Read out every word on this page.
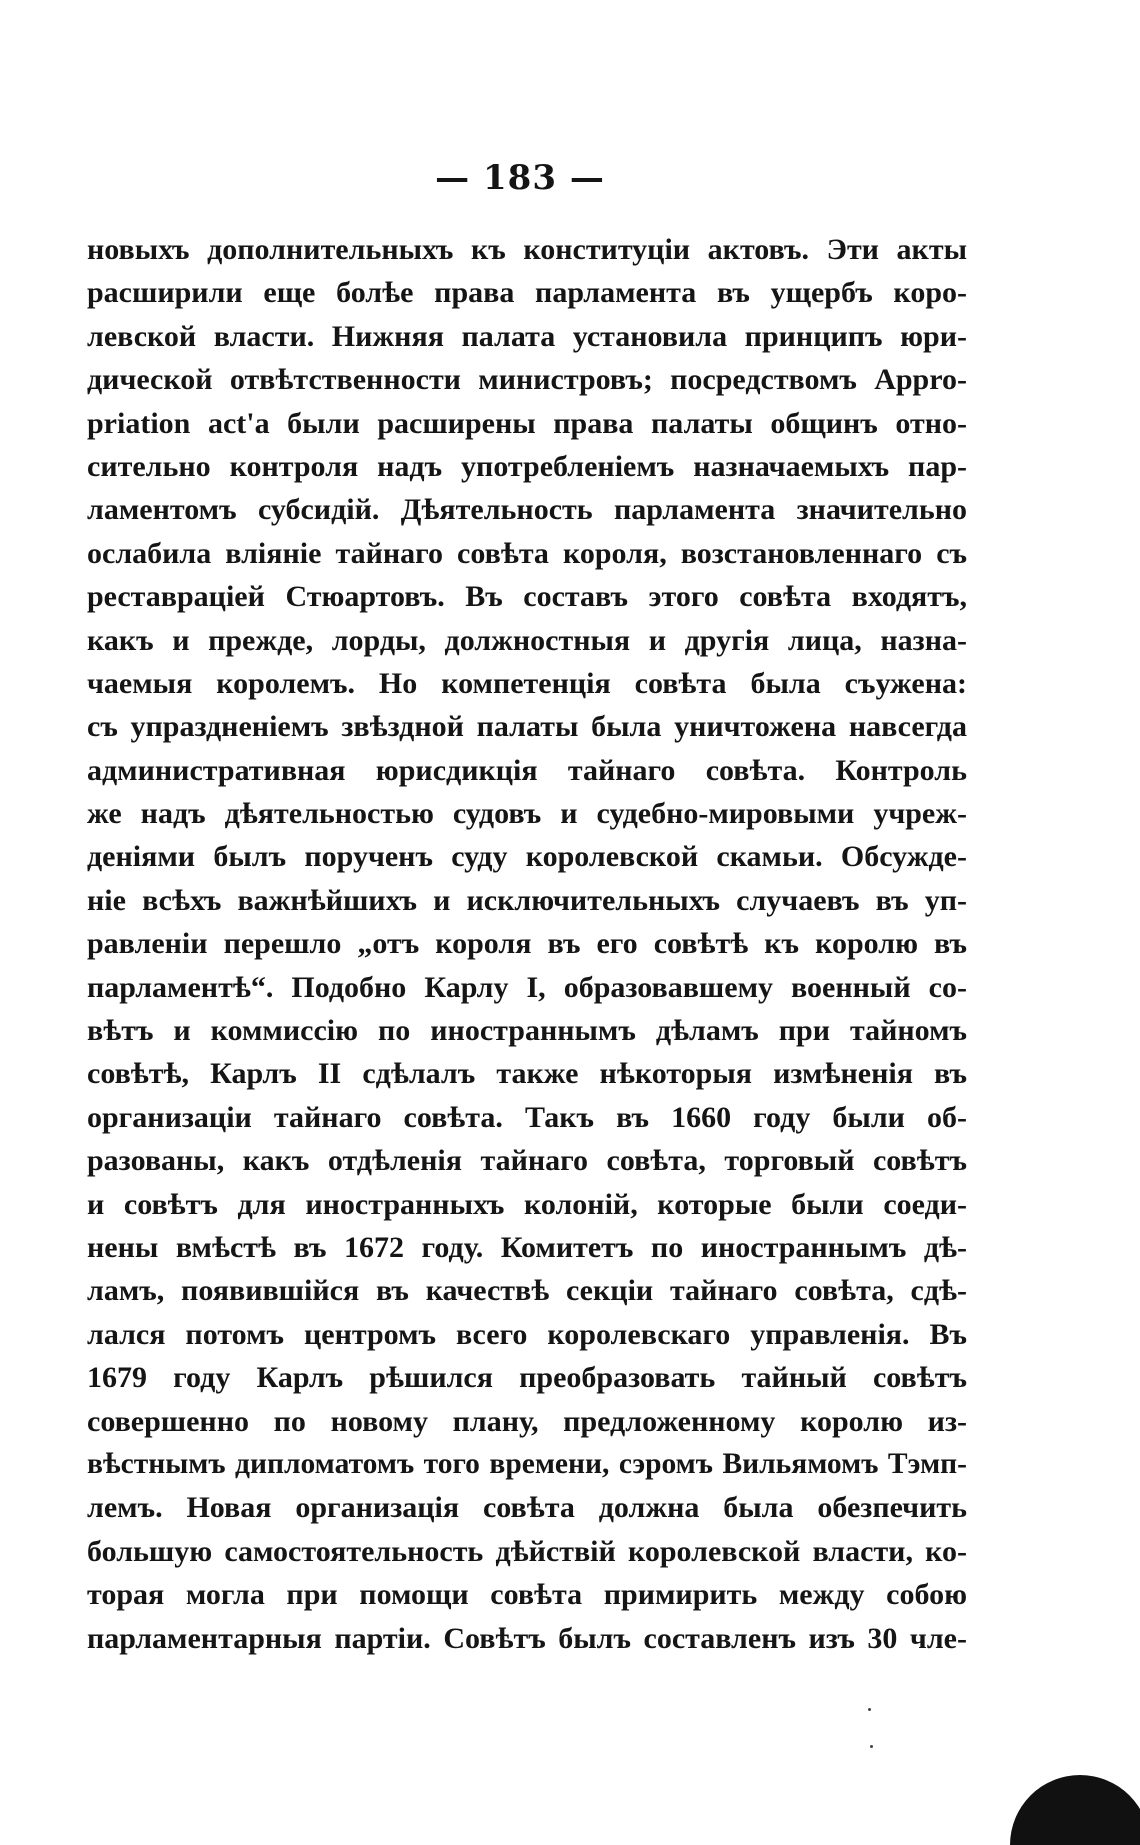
— 183 —
новыхъ дополнительныхъ къ конституціи актовъ. Эти акты
расширили еще болѣе права парламента въ ущербъ коро-
левской власти. Нижняя палата установила принципъ юри-
дической отвѣтственности министровъ; посредствомъ Appro-
priation act'а были расширены права палаты общинъ отно-
сительно контроля надъ употребленіемъ назначаемыхъ пар-
ламентомъ субсидій. Дѣятельность парламента значительно
ослабила вліяніе тайнаго совѣта короля, возстановленнаго съ
реставраціей Стюартовъ. Въ составъ этого совѣта входятъ,
какъ и прежде, лорды, должностныя и другія лица, назна-
чаемыя королемъ. Но компетенція совѣта была съужена:
съ упраздненіемъ звѣздной палаты была уничтожена навсегда
административная юрисдикція тайнаго совѣта. Контроль
же надъ дѣятельностью судовъ и судебно-мировыми учреж-
деніями былъ порученъ суду королевской скамьи. Обсужде-
ніе всѣхъ важнѣйшихъ и исключительныхъ случаевъ въ уп-
равленіи перешло „отъ короля въ его совѣтѣ къ королю въ
парламентѣ“. Подобно Карлу I, образовавшему военный со-
вѣтъ и коммиссію по иностраннымъ дѣламъ при тайномъ
совѣтѣ, Карлъ II сдѣлалъ также нѣкоторыя измѣненія въ
организаціи тайнаго совѣта. Такъ въ 1660 году были об-
разованы, какъ отдѣленія тайнаго совѣта, торговый совѣтъ
и совѣтъ для иностранныхъ колоній, которые были соеди-
нены вмѣстѣ въ 1672 году. Комитетъ по иностраннымъ дѣ-
ламъ, появившійся въ качествѣ секціи тайнаго совѣта, сдѣ-
лался потомъ центромъ всего королевскаго управленія. Въ
1679 году Карлъ рѣшился преобразовать тайный совѣтъ
совершенно по новому плану, предложенному королю из-
вѣстнымъ дипломатомъ того времени, сэромъ Вильямомъ Тэмп-
лемъ. Новая организація совѣта должна была обезпечить
большую самостоятельность дѣйствій королевской власти, ко-
торая могла при помощи совѣта примирить между собою
парламентарныя партіи. Совѣтъ былъ составленъ изъ 30 чле-
